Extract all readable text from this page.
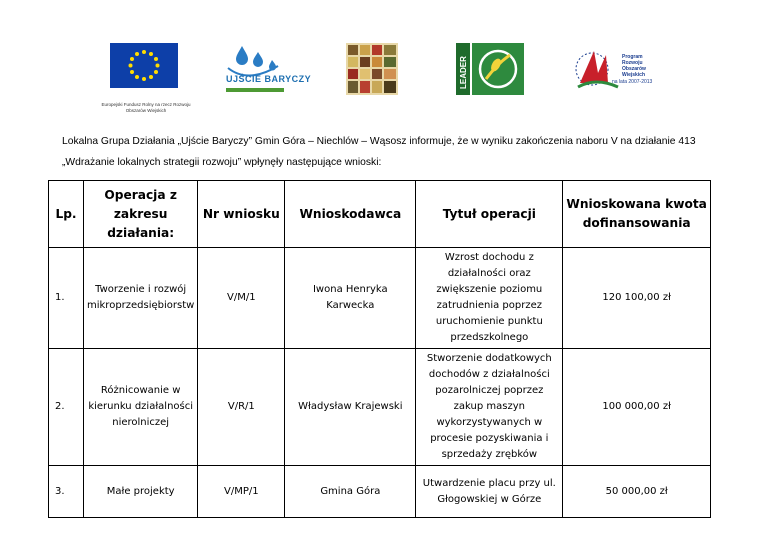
Europejski Fundusz Rolny na rzecz Rozwoju Obszarów Wiejskich
UJŚCIE BARYCZY	LEADER	Program
Rozwoju
Obszarów
Wiejskich
na lata 2007-2013
Lokalna Grupa Działania „Ujście Baryczy” Gmin Góra – Niechlów – Wąsosz informuje, że w wyniku zakończenia naboru V na działanie 413 „Wdrażanie lokalnych strategii rozwoju” wpłynęły następujące wnioski:
Lp.	Operacja z zakresu działania:	Nr wniosku	Wnioskodawca	Tytuł operacji	Wnioskowana kwota dofinansowania
1.	Tworzenie i rozwój mikroprzedsiębiorstw	V/M/1	Iwona Henryka Karwecka	Wzrost dochodu z działalności oraz zwiększenie poziomu zatrudnienia poprzez uruchomienie punktu przedszkolnego	120 100,00 zł
2.	Różnicowanie w kierunku działalności nierolniczej	V/R/1	Władysław Krajewski	Stworzenie dodatkowych dochodów z działalności pozarolniczej poprzez zakup maszyn wykorzystywanych w procesie pozyskiwania i sprzedaży zrębków	100 000,00 zł
3.	Małe projekty	V/MP/1	Gmina Góra	Utwardzenie placu przy ul. Głogowskiej w Górze	50 000,00 zł
